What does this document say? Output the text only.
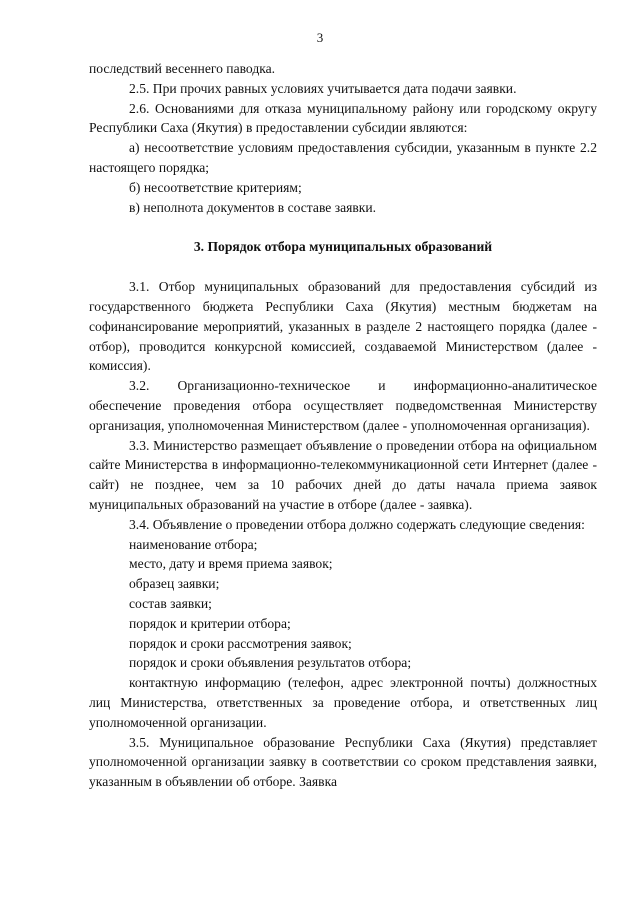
3

последствий весеннего паводка.

2.5. При прочих равных условиях учитывается дата подачи заявки.

2.6. Основаниями для отказа муниципальному району или городскому округу Республики Саха (Якутия) в предоставлении субсидии являются:

а) несоответствие условиям предоставления субсидии, указанным в пункте 2.2 настоящего порядка;

б) несоответствие критериям;

в) неполнота документов в составе заявки.

3. Порядок отбора муниципальных образований

3.1. Отбор муниципальных образований для предоставления субсидий из государственного бюджета Республики Саха (Якутия) местным бюджетам на софинансирование мероприятий, указанных в разделе 2 настоящего порядка (далее - отбор), проводится конкурсной комиссией, создаваемой Министерством (далее - комиссия).

3.2. Организационно-техническое и информационно-аналитическое обеспечение проведения отбора осуществляет подведомственная Министерству организация, уполномоченная Министерством (далее - уполномоченная организация).

3.3. Министерство размещает объявление о проведении отбора на официальном сайте Министерства в информационно-телекоммуникационной сети Интернет (далее - сайт) не позднее, чем за 10 рабочих дней до даты начала приема заявок муниципальных образований на участие в отборе (далее - заявка).

3.4. Объявление о проведении отбора должно содержать следующие сведения:

наименование отбора;

место, дату и время приема заявок;

образец заявки;

состав заявки;

порядок и критерии отбора;

порядок и сроки рассмотрения заявок;

порядок и сроки объявления результатов отбора;

контактную информацию (телефон, адрес электронной почты) должностных лиц Министерства, ответственных за проведение отбора, и ответственных лиц уполномоченной организации.

3.5. Муниципальное образование Республики Саха (Якутия) представляет уполномоченной организации заявку в соответствии со сроком представления заявки, указанным в объявлении об отборе. Заявка
